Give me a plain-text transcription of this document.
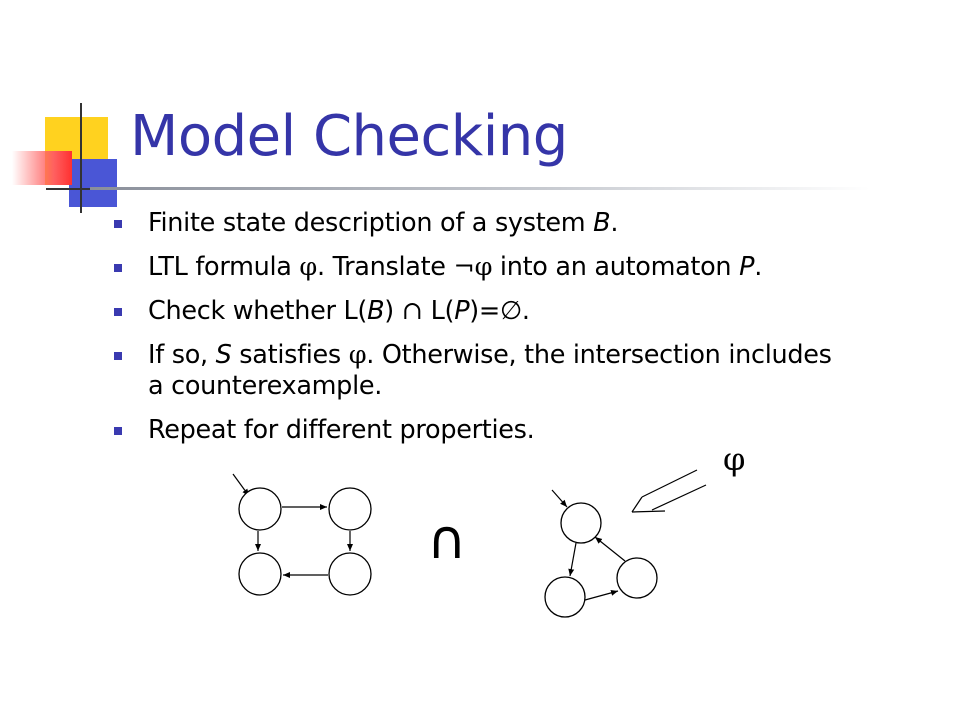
Model Checking
Finite state description of a system B.
LTL formula φ. Translate ¬φ into an automaton P.
Check whether L(B) ∩ L(P)=∅.
If so, S satisfies φ. Otherwise, the intersection includes a counterexample.
Repeat for different properties.
φ
∩
